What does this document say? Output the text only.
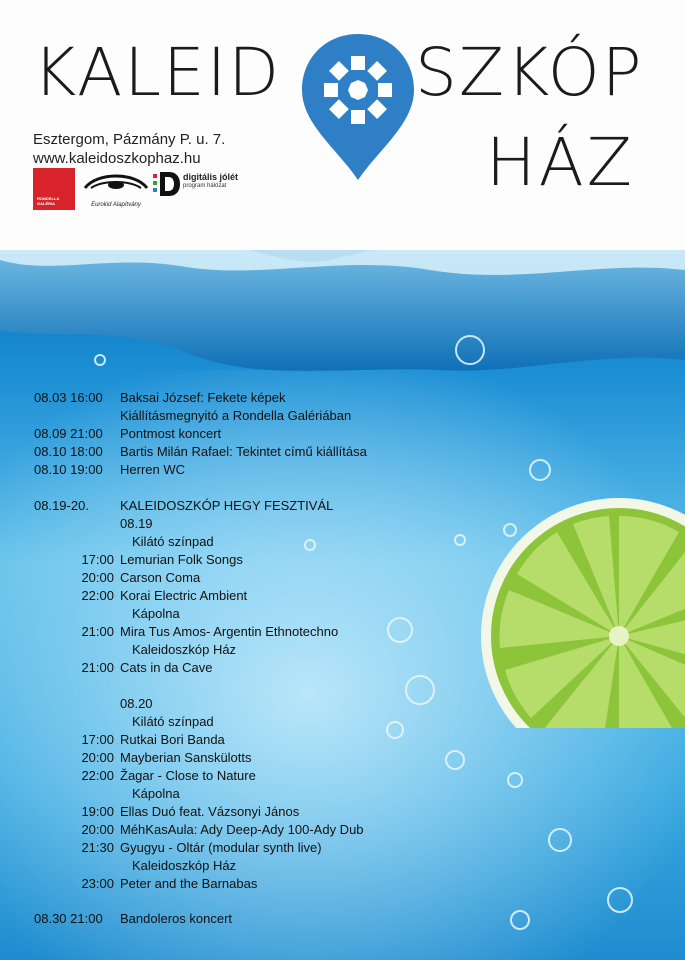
KALEID SZKÓP
HÁZ
Esztergom, Pázmány P. u. 7.
www.kaleidoszkophaz.hu
RONDELLA GALÉRIA	Eurokid Alapítvány
digitális jólét
program hálózat
08.03 16:00	Baksai József: Fekete képek
Kiállításmegnyitó a Rondella Galériában
08.09 21:00	Pontmost koncert
08.10 18:00	Bartis Milán Rafael: Tekintet című kiállítása
08.10 19:00	Herren WC
08.19-20.	KALEIDOSZKÓP HEGY FESZTIVÁL
08.19
Kilátó színpad
17:00 Lemurian Folk Songs
20:00 Carson Coma
22:00 Korai Electric Ambient
Kápolna
21:00 Mira Tus Amos- Argentin Ethnotechno
Kaleidoszkóp Ház
21:00 Cats in da Cave
08.20
Kilátó színpad
17:00 Rutkai Bori Banda
20:00 Mayberian Sanskülotts
22:00 Žagar - Close to Nature
Kápolna
19:00 Ellas Duó feat. Vázsonyi János
20:00 MéhKasAula: Ady Deep-Ady 100-Ady Dub
21:30 Gyugyu - Oltár (modular synth live)
Kaleidoszkóp Ház
23:00 Peter and the Barnabas
08.30 21:00	Bandoleros koncert
